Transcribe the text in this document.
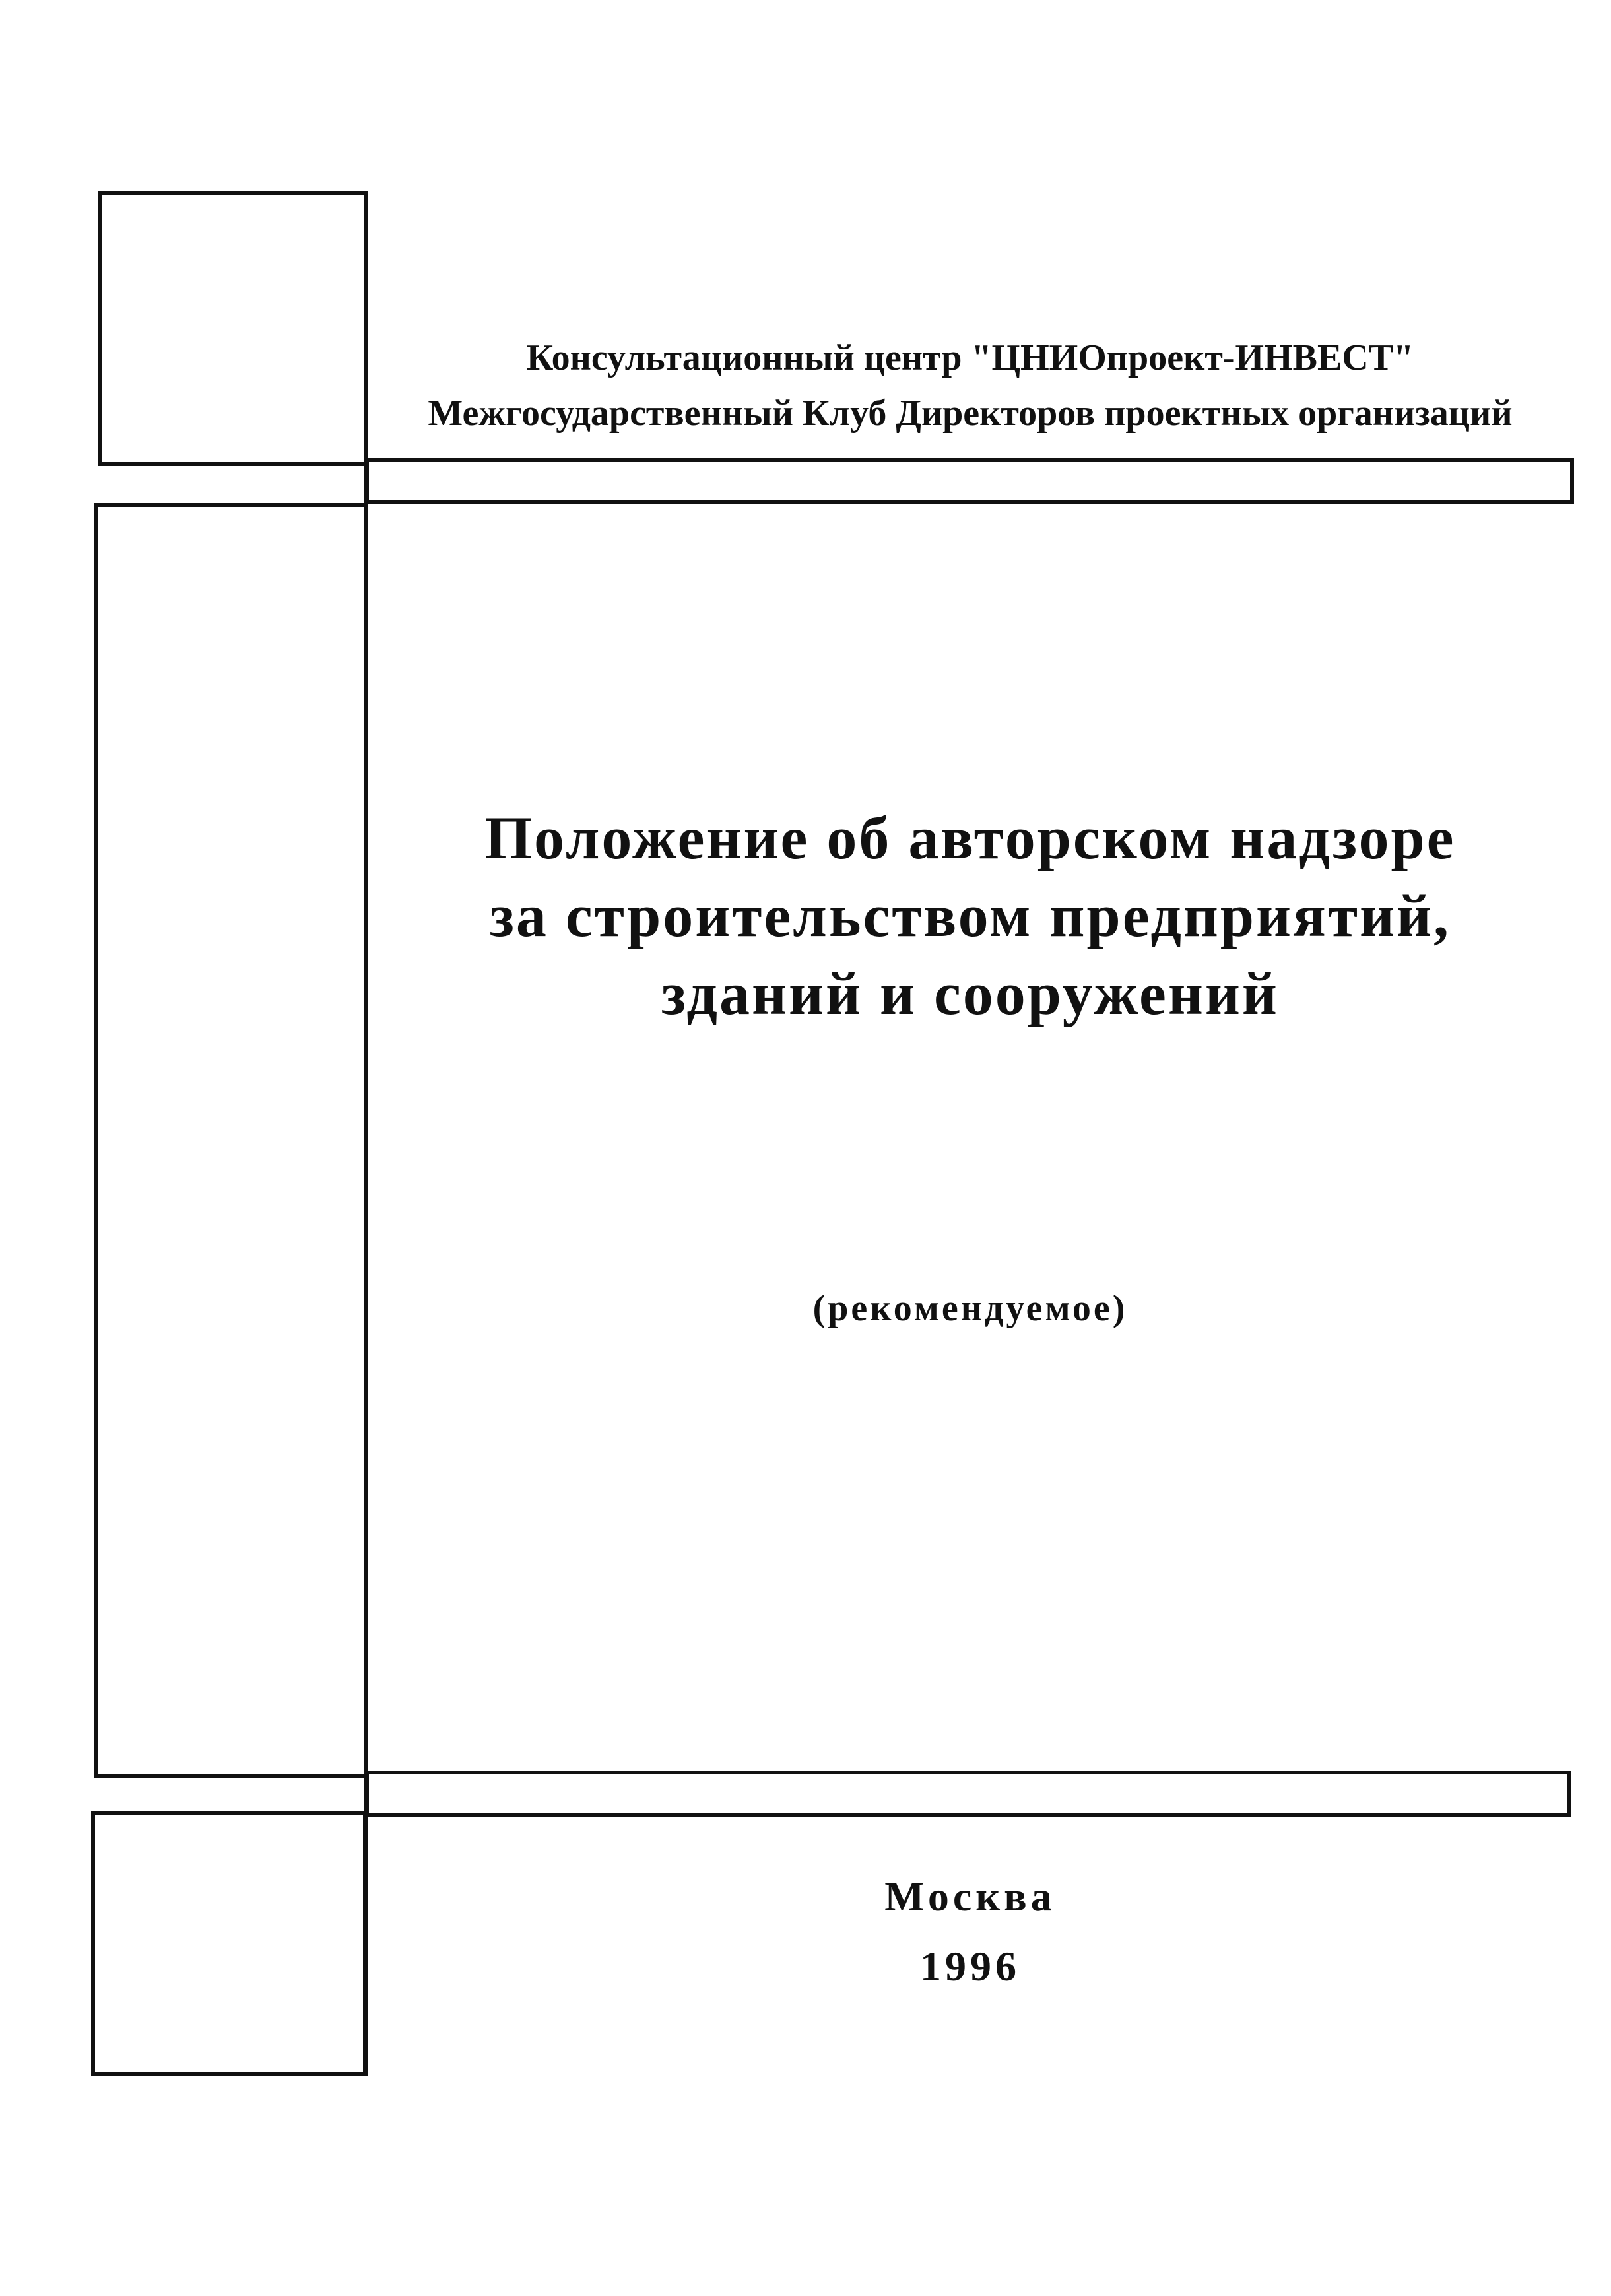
Консультационный центр "ЦНИОпроект-ИНВЕСТ"
Межгосударственный Клуб Директоров проектных организаций
Положение об авторском надзоре
за строительством предприятий,
зданий и сооружений
(рекомендуемое)
Москва
1996
